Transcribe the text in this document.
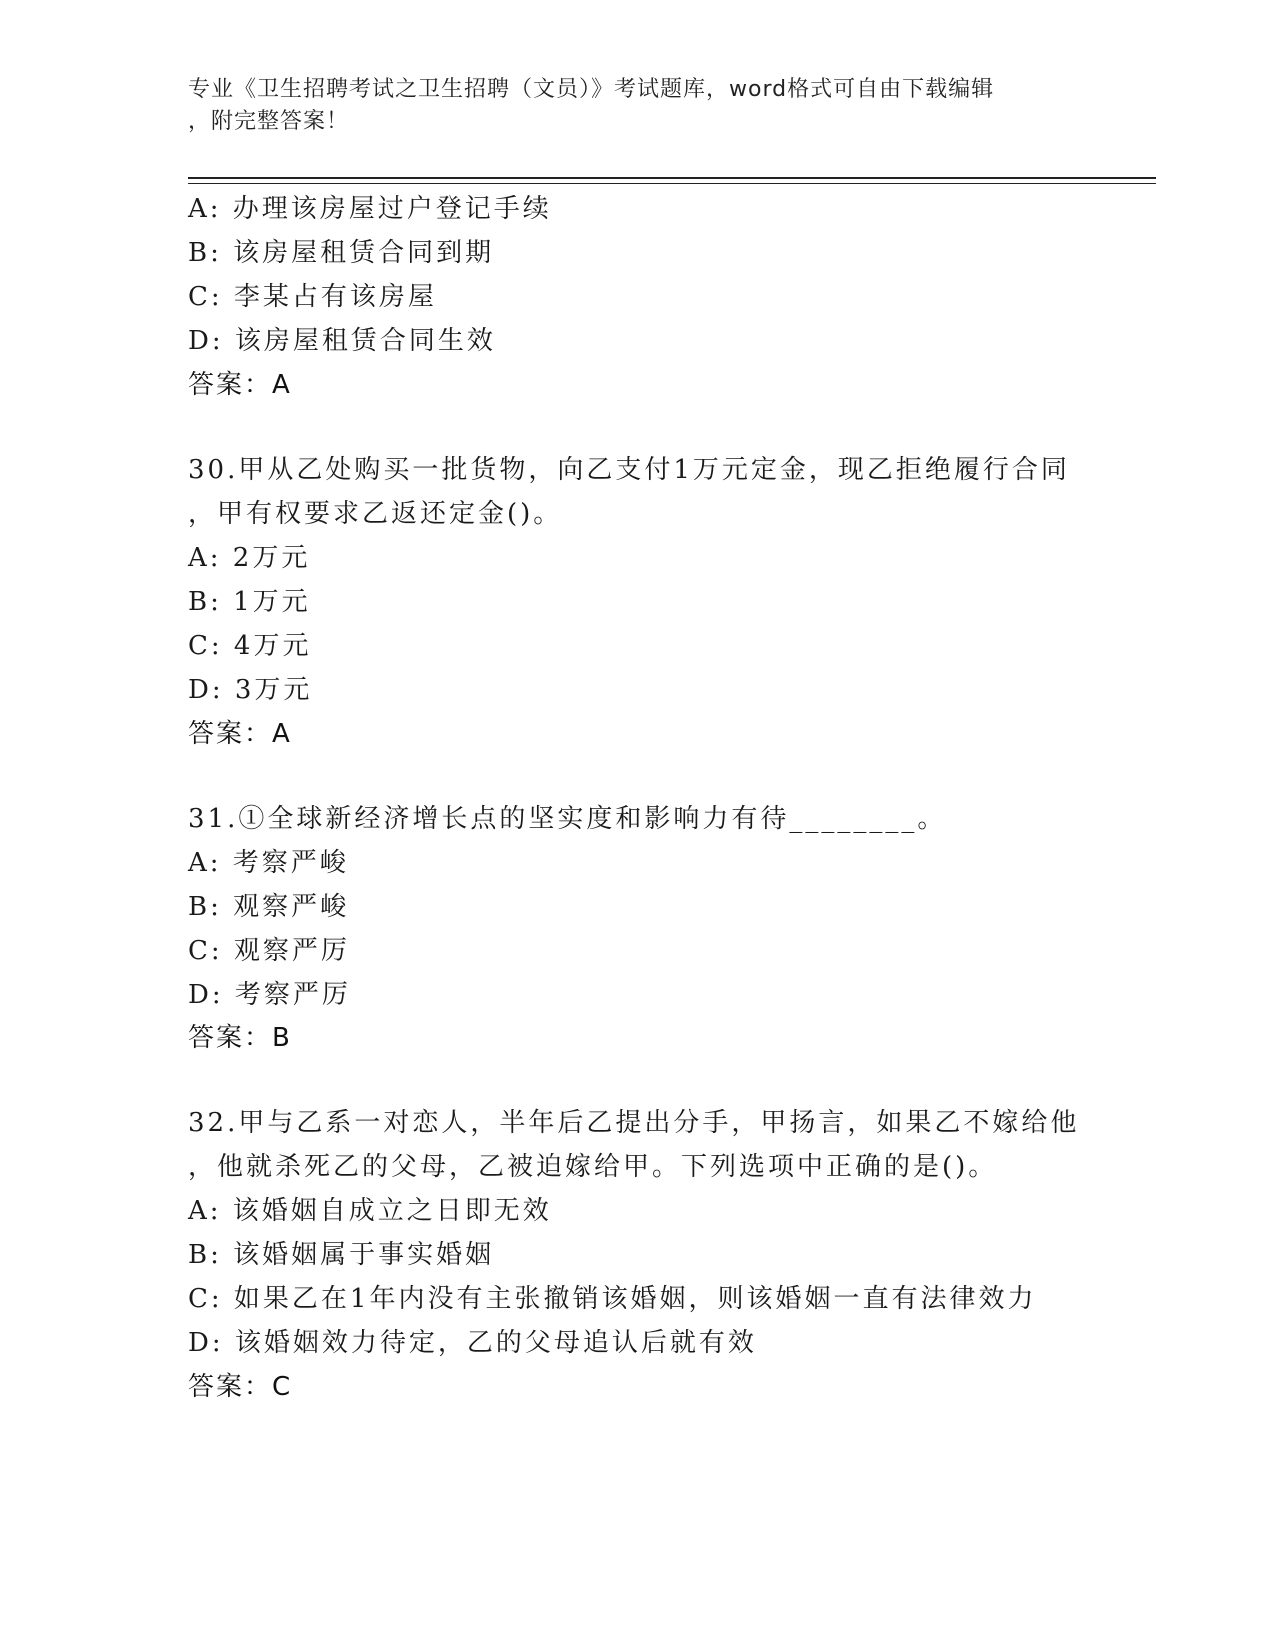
专业《卫生招聘考试之卫生招聘（文员）》考试题库，word格式可自由下载编辑
，附完整答案！
A: 办理该房屋过户登记手续
B: 该房屋租赁合同到期
C: 李某占有该房屋
D: 该房屋租赁合同生效
答案：A
30.甲从乙处购买一批货物，向乙支付1万元定金，现乙拒绝履行合同
，甲有权要求乙返还定金()。
A: 2万元
B: 1万元
C: 4万元
D: 3万元
答案：A
31.①全球新经济增长点的坚实度和影响力有待________。
A: 考察严峻
B: 观察严峻
C: 观察严厉
D: 考察严厉
答案：B
32.甲与乙系一对恋人，半年后乙提出分手，甲扬言，如果乙不嫁给他
，他就杀死乙的父母，乙被迫嫁给甲。下列选项中正确的是()。
A: 该婚姻自成立之日即无效
B: 该婚姻属于事实婚姻
C: 如果乙在1年内没有主张撤销该婚姻，则该婚姻一直有法律效力
D: 该婚姻效力待定，乙的父母追认后就有效
答案：C
